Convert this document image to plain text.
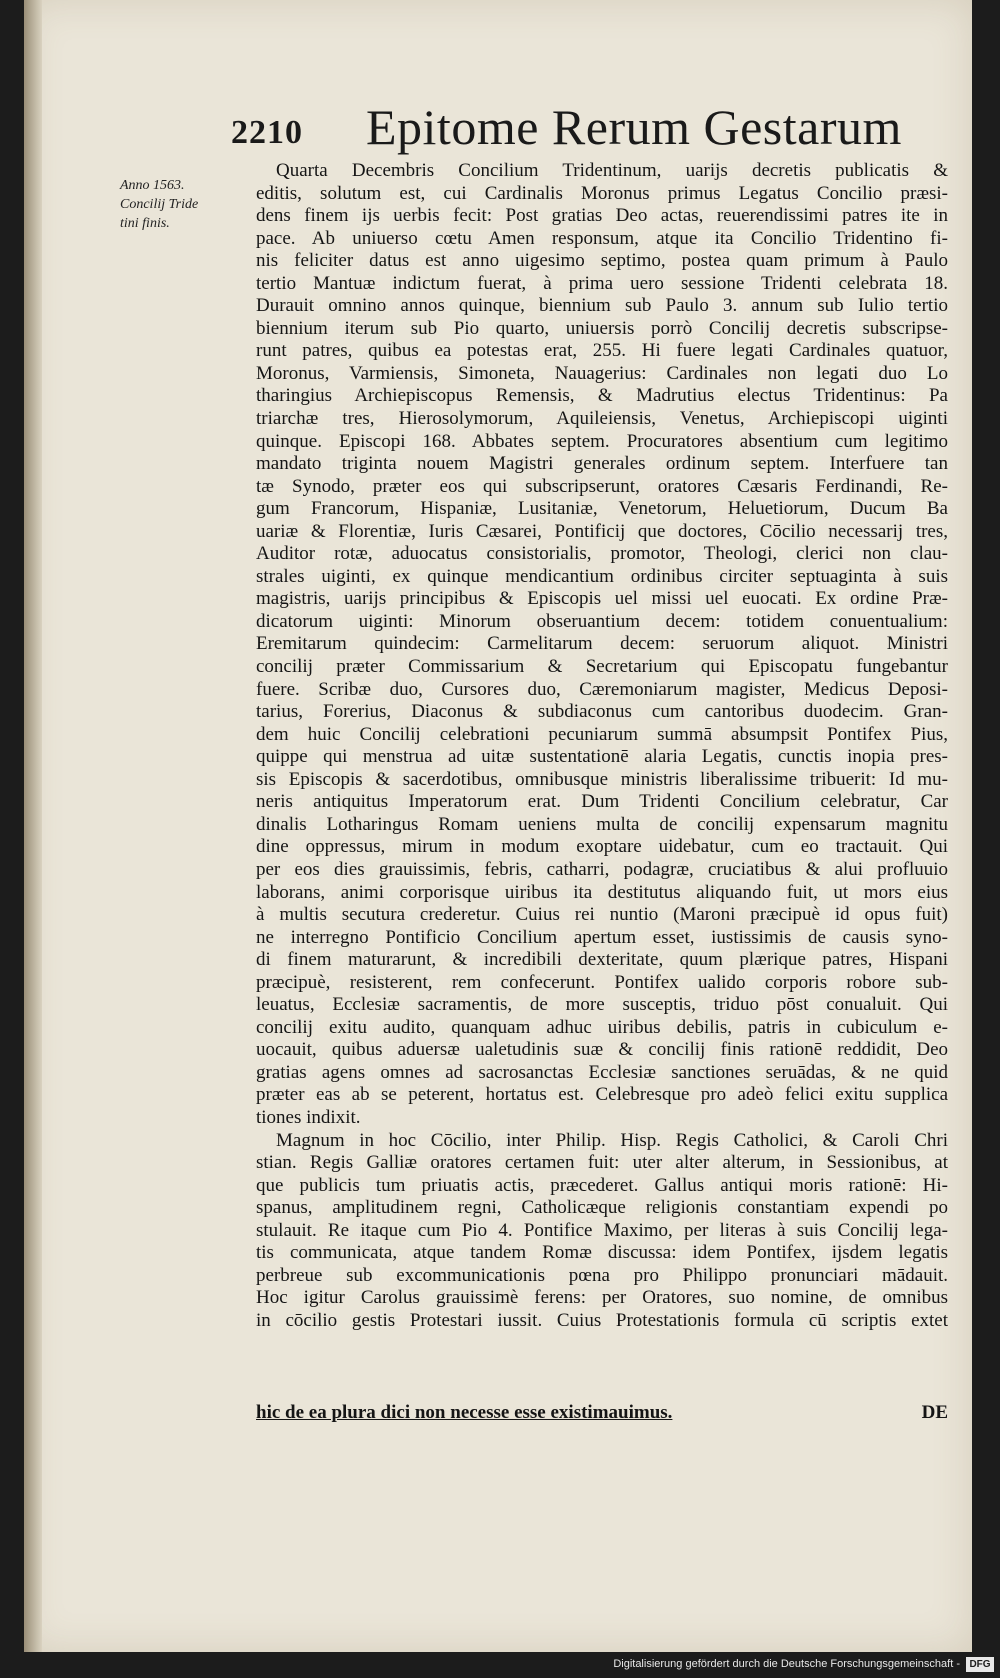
2210 Epitome Rerum Gestarum
Anno 1563.
Concilij Tride
tini finis.
Quarta Decembris Concilium Tridentinum, uarijs decretis publicatis &
editis, solutum est, cui Cardinalis Moronus primus Legatus Concilio præsi-
dens finem ijs uerbis fecit: Post gratias Deo actas, reuerendissimi patres ite in
pace. Ab uniuerso cœtu Amen responsum, atque ita Concilio Tridentino fi-
nis feliciter datus est anno uigesimo septimo, postea quam primum à Paulo
tertio Mantuæ indictum fuerat, à prima uero sessione Tridenti celebrata 18.
Durauit omnino annos quinque, biennium sub Paulo 3. annum sub Iulio tertio
biennium iterum sub Pio quarto, uniuersis porrò Concilij decretis subscripse-
runt patres, quibus ea potestas erat, 255. Hi fuere legati Cardinales quatuor,
Moronus, Varmiensis, Simoneta, Nauagerius: Cardinales non legati duo Lo
tharingius Archiepiscopus Remensis, & Madrutius electus Tridentinus: Pa
triarchæ tres, Hierosolymorum, Aquileiensis, Venetus, Archiepiscopi uiginti
quinque. Episcopi 168. Abbates septem. Procuratores absentium cum legitimo
mandato triginta nouem Magistri generales ordinum septem. Interfuere tan
tæ Synodo, præter eos qui subscripserunt, oratores Cæsaris Ferdinandi, Re-
gum Francorum, Hispaniæ, Lusitaniæ, Venetorum, Heluetiorum, Ducum Ba
uariæ & Florentiæ, Iuris Cæsarei, Pontificij que doctores, Cōcilio necessarij tres,
Auditor rotæ, aduocatus consistorialis, promotor, Theologi, clerici non clau-
strales uiginti, ex quinque mendicantium ordinibus circiter septuaginta à suis
magistris, uarijs principibus & Episcopis uel missi uel euocati. Ex ordine Præ-
dicatorum uiginti: Minorum obseruantium decem: totidem conuentualium:
Eremitarum quindecim: Carmelitarum decem: seruorum aliquot. Ministri
concilij præter Commissarium & Secretarium qui Episcopatu fungebantur
fuere. Scribæ duo, Cursores duo, Cæremoniarum magister, Medicus Deposi-
tarius, Forerius, Diaconus & subdiaconus cum cantoribus duodecim. Gran-
dem huic Concilij celebrationi pecuniarum summā absumpsit Pontifex Pius,
quippe qui menstrua ad uitæ sustentationē alaria Legatis, cunctis inopia pres-
sis Episcopis & sacerdotibus, omnibusque ministris liberalissime tribuerit: Id mu-
neris antiquitus Imperatorum erat. Dum Tridenti Concilium celebratur, Car
dinalis Lotharingus Romam ueniens multa de concilij expensarum magnitu
dine oppressus, mirum in modum exoptare uidebatur, cum eo tractauit. Qui
per eos dies grauissimis, febris, catharri, podagræ, cruciatibus & alui profluuio
laborans, animi corporisque uiribus ita destitutus aliquando fuit, ut mors eius
à multis secutura crederetur. Cuius rei nuntio (Maroni præcipuè id opus fuit)
ne interregno Pontificio Concilium apertum esset, iustissimis de causis syno-
di finem maturarunt, & incredibili dexteritate, quum plærique patres, Hispani
præcipuè, resisterent, rem confecerunt. Pontifex ualido corporis robore sub-
leuatus, Ecclesiæ sacramentis, de more susceptis, triduo pōst conualuit. Qui
concilij exitu audito, quanquam adhuc uiribus debilis, patris in cubiculum e-
uocauit, quibus aduersæ ualetudinis suæ & concilij finis rationē reddidit, Deo
gratias agens omnes ad sacrosanctas Ecclesiæ sanctiones seruādas, & ne quid
præter eas ab se peterent, hortatus est. Celebresque pro adeò felici exitu supplica
tiones indixit.
Magnum in hoc Cōcilio, inter Philip. Hisp. Regis Catholici, & Caroli Chri
stian. Regis Galliæ oratores certamen fuit: uter alter alterum, in Sessionibus, at
que publicis tum priuatis actis, præcederet. Gallus antiqui moris rationē: Hi-
spanus, amplitudinem regni, Catholicæque religionis constantiam expendi po
stulauit. Re itaque cum Pio 4. Pontifice Maximo, per literas à suis Concilij lega-
tis communicata, atque tandem Romæ discussa: idem Pontifex, ijsdem legatis
perbreue sub excommunicationis pœna pro Philippo pronunciari mādauit.
Hoc igitur Carolus grauissimè ferens: per Oratores, suo nomine, de omnibus
in cōcilio gestis Protestari iussit. Cuius Protestationis formula cū scriptis extet
hic de ea plura dici non necesse esse existimauimus.	DE
Digitalisierung gefördert durch die Deutsche Forschungsgemeinschaft - DFG
